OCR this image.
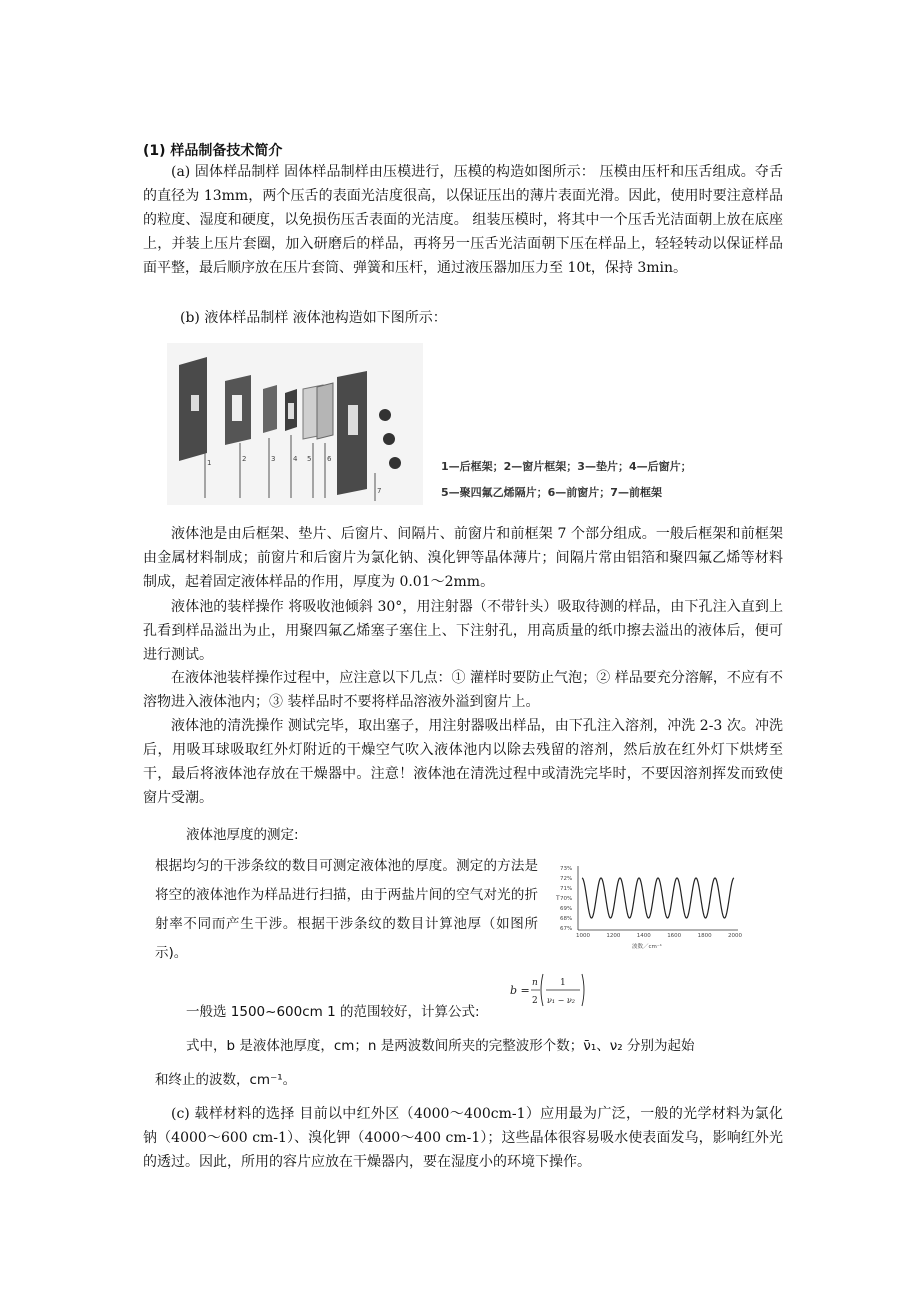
(1) 样品制备技术简介

(a) 固体样品制样 固体样品制样由压模进行，压模的构造如图所示： 压模由压杆和压舌组成。夺舌的直径为 13mm，两个压舌的表面光洁度很高，以保证压出的薄片表面光滑。因此，使用时要注意样品的粒度、湿度和硬度，以免损伤压舌表面的光洁度。 组装压模时，将其中一个压舌光洁面朝上放在底座上，并装上压片套圈，加入研磨后的样品，再将另一压舌光洁面朝下压在样品上，轻轻转动以保证样品面平整，最后顺序放在压片套筒、弹簧和压杆，通过液压器加压力至 10t，保持 3min。

(b) 液体样品制样 液体池构造如下图所示：

1	2	3	4 5 6
7
1—后框架；2—窗片框架；3—垫片；4—后窗片；
5—聚四氟乙烯隔片；6—前窗片；7—前框架

液体池是由后框架、垫片、后窗片、间隔片、前窗片和前框架 7 个部分组成。一般后框架和前框架由金属材料制成；前窗片和后窗片为氯化钠、溴化钾等晶体薄片；间隔片常由铝箔和聚四氟乙烯等材料制成，起着固定液体样品的作用，厚度为 0.01～2mm。

液体池的装样操作 将吸收池倾斜 30°，用注射器（不带针头）吸取待测的样品，由下孔注入直到上孔看到样品溢出为止，用聚四氟乙烯塞子塞住上、下注射孔，用高质量的纸巾擦去溢出的液体后，便可进行测试。

在液体池装样操作过程中，应注意以下几点：① 灌样时要防止气泡；② 样品要充分溶解，不应有不溶物进入液体池内；③ 装样品时不要将样品溶液外溢到窗片上。

液体池的清洗操作 测试完毕，取出塞子，用注射器吸出样品，由下孔注入溶剂，冲洗 2-3 次。冲洗后，用吸耳球吸取红外灯附近的干燥空气吹入液体池内以除去残留的溶剂，然后放在红外灯下烘烤至干，最后将液体池存放在干燥器中。注意！液体池在清洗过程中或清洗完毕时，不要因溶剂挥发而致使窗片受潮。

液体池厚度的测定:

根据均匀的干涉条纹的数目可测定液体池的厚度。测定的方法是将空的液体池作为样品进行扫描，由于两盐片间的空气对光的折射率不同而产生干涉。根据干涉条纹的数目计算池厚（如图所示)。

73%
72%
71%
70%
69%
68%
67%
1000	1200	1400	1600	1800	2000
T
波数／cm⁻¹
b =
n
2
1
ν₁ − ν₂
一般选 1500~600cm 1 的范围较好，计算公式:
式中，b 是液体池厚度，cm；n 是两波数间所夹的完整波形个数；ν̄₁、ν₂ 分别为起始
和终止的波数，cm⁻¹。

(c) 载样材料的选择 目前以中红外区（4000～400cm-1）应用最为广泛，一般的光学材料为氯化钠（4000～600 cm-1）、溴化钾（4000～400 cm-1）；这些晶体很容易吸水使表面发乌，影响红外光的透过。因此，所用的容片应放在干燥器内，要在湿度小的环境下操作。
